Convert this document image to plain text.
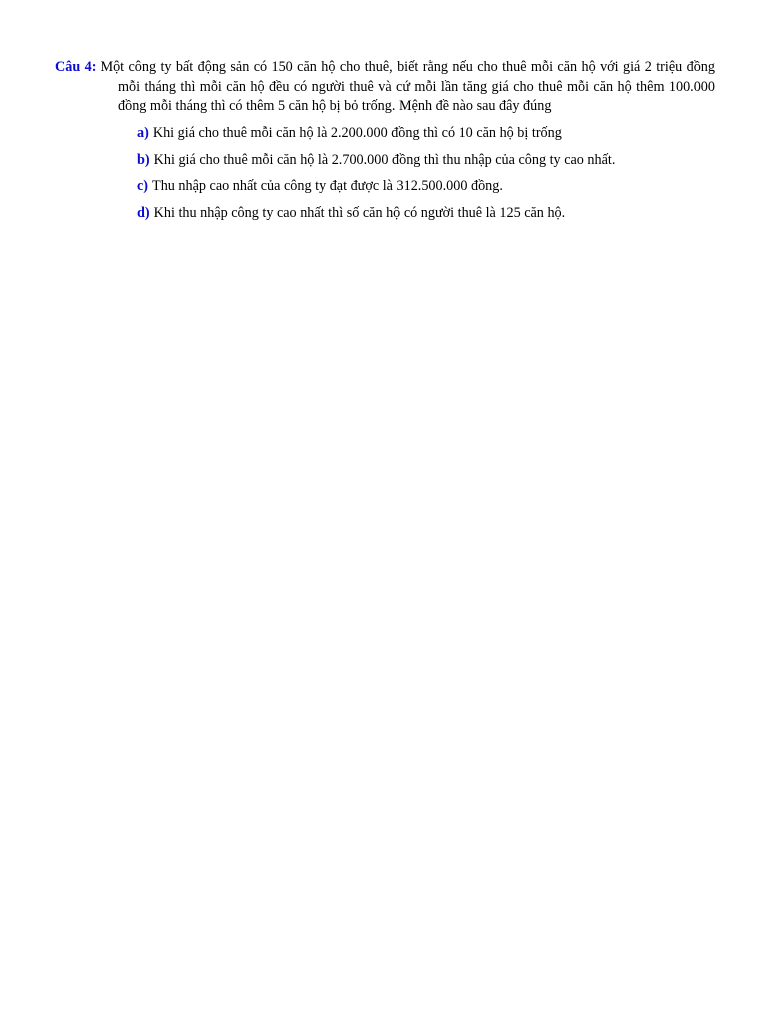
Câu 4: Một công ty bất động sản có 150 căn hộ cho thuê, biết rằng nếu cho thuê mỗi căn hộ với giá 2 triệu đồng mỗi tháng thì mỗi căn hộ đều có người thuê và cứ mỗi lần tăng giá cho thuê mỗi căn hộ thêm 100.000 đồng mỗi tháng thì có thêm 5 căn hộ bị bỏ trống. Mệnh đề nào sau đây đúng
a) Khi giá cho thuê mỗi căn hộ là 2.200.000 đồng thì có 10 căn hộ bị trống
b) Khi giá cho thuê mỗi căn hộ là 2.700.000 đồng thì thu nhập của công ty cao nhất.
c) Thu nhập cao nhất của công ty đạt được là 312.500.000 đồng.
d) Khi thu nhập công ty cao nhất thì số căn hộ có người thuê là 125 căn hộ.
